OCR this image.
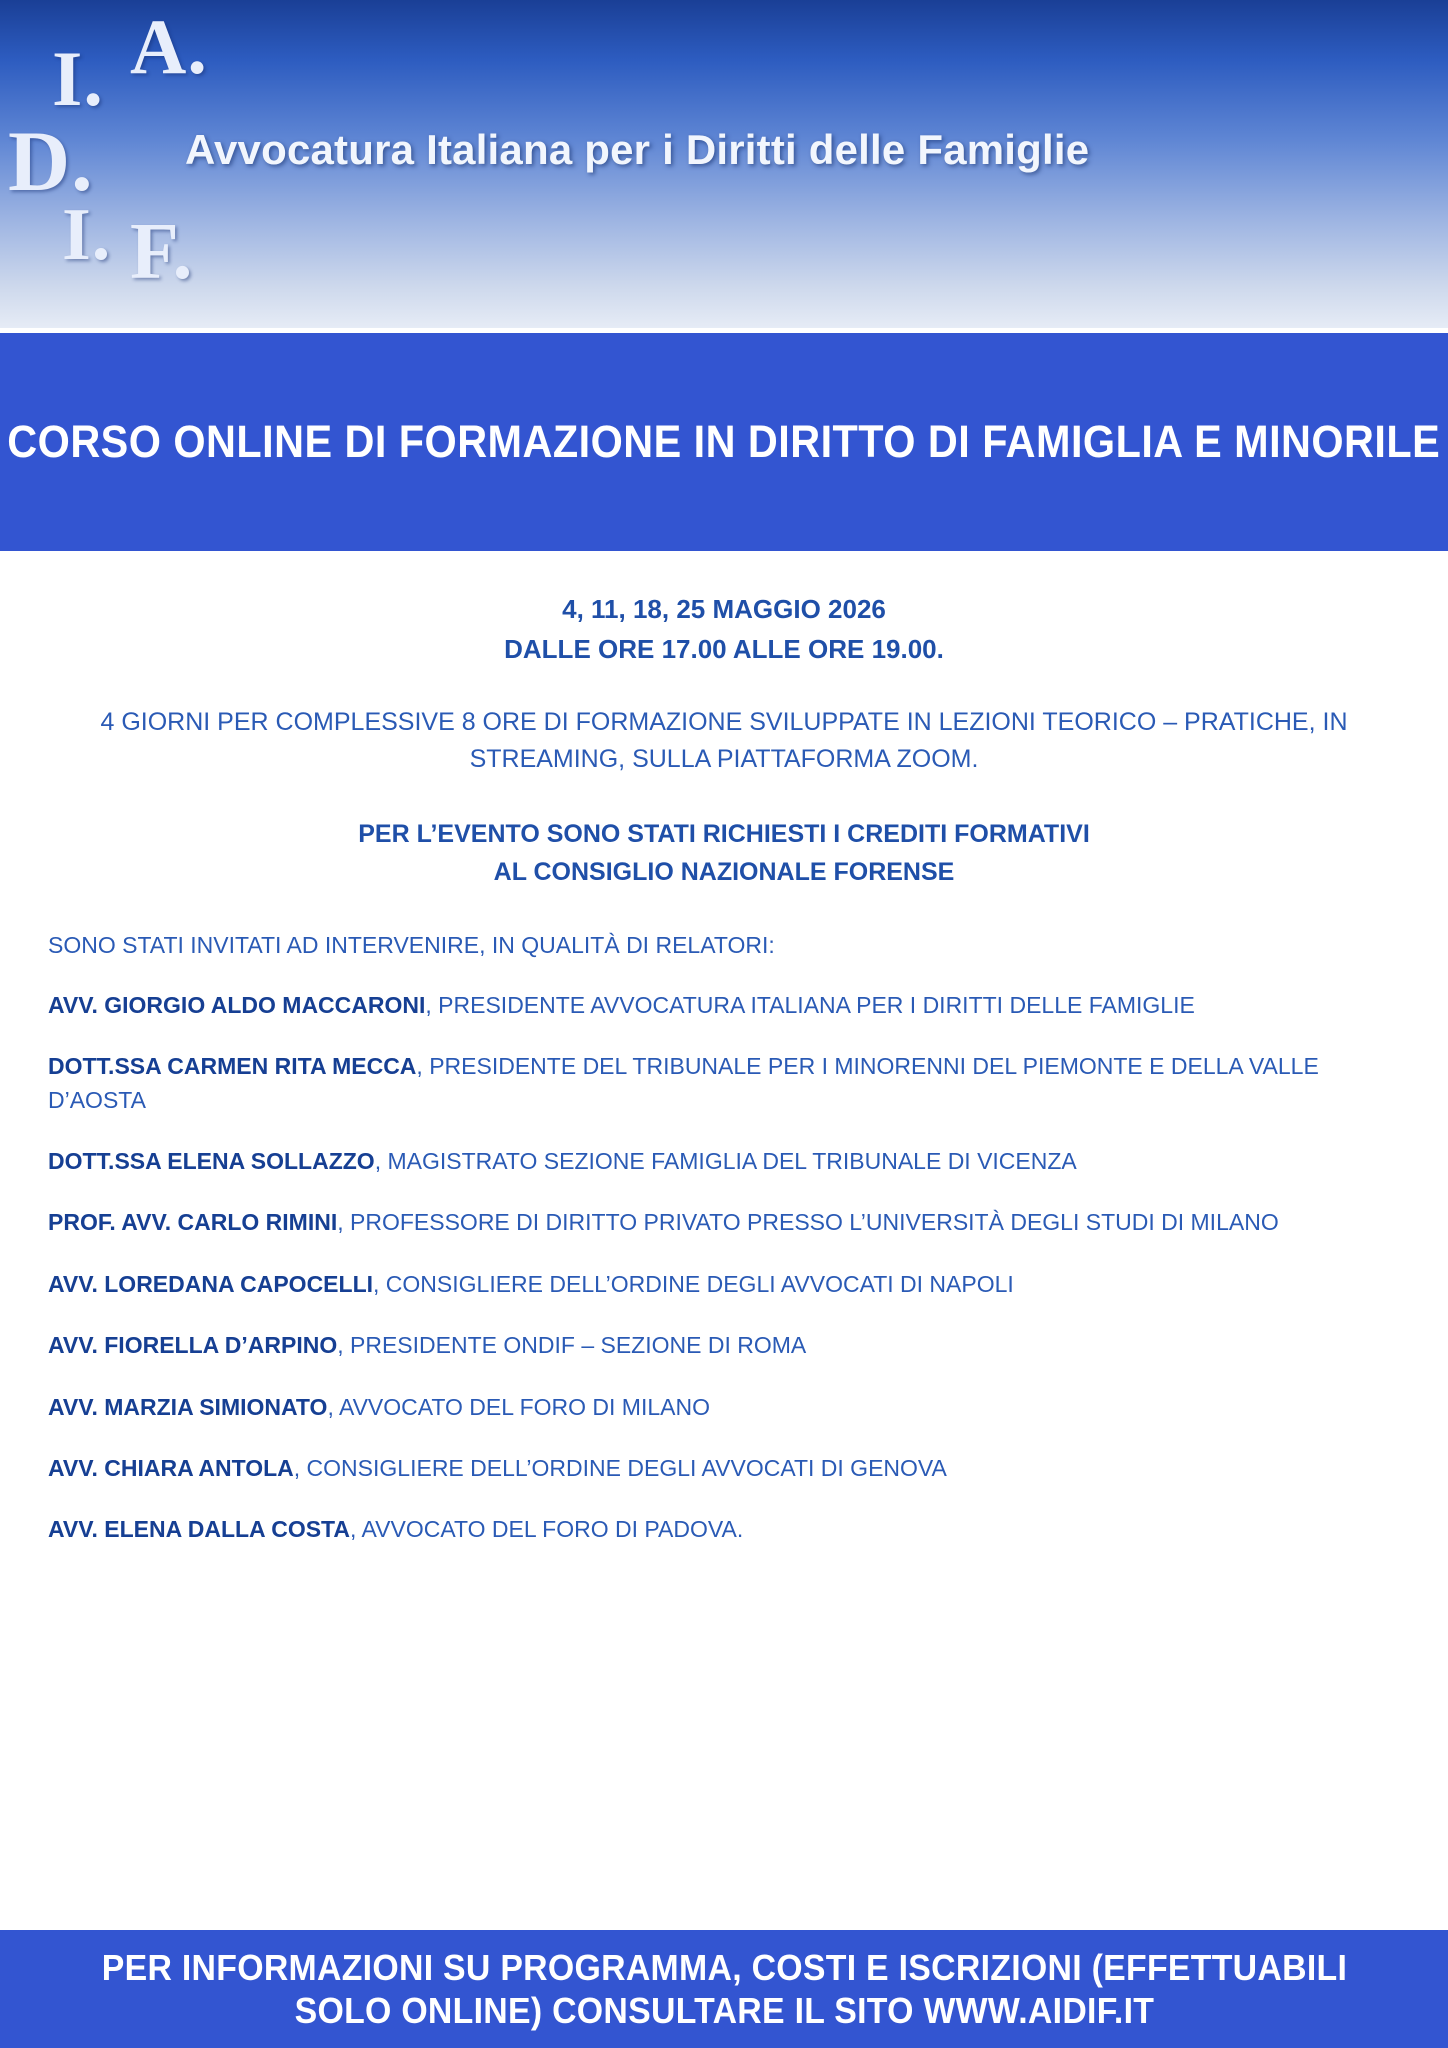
A.
I.
D.
I. F.
Avvocatura Italiana per i Diritti delle Famiglie
CORSO ONLINE DI FORMAZIONE IN DIRITTO DI FAMIGLIA E MINORILE
4, 11, 18, 25 MAGGIO 2026
DALLE ORE 17.00 ALLE ORE 19.00.
4 GIORNI PER COMPLESSIVE 8 ORE DI FORMAZIONE SVILUPPATE IN LEZIONI TEORICO – PRATICHE, IN STREAMING, SULLA PIATTAFORMA ZOOM.
PER L’EVENTO SONO STATI RICHIESTI I CREDITI FORMATIVI
AL CONSIGLIO NAZIONALE FORENSE
SONO STATI INVITATI AD INTERVENIRE, IN QUALITÀ DI RELATORI:
AVV. GIORGIO ALDO MACCARONI, PRESIDENTE AVVOCATURA ITALIANA PER I DIRITTI DELLE FAMIGLIE
DOTT.SSA CARMEN RITA MECCA, PRESIDENTE DEL TRIBUNALE PER I MINORENNI DEL PIEMONTE E DELLA VALLE D’AOSTA
DOTT.SSA ELENA SOLLAZZO, MAGISTRATO SEZIONE FAMIGLIA DEL TRIBUNALE DI VICENZA
PROF. AVV. CARLO RIMINI, PROFESSORE DI DIRITTO PRIVATO PRESSO L’UNIVERSITÀ DEGLI STUDI DI MILANO
AVV. LOREDANA CAPOCELLI, CONSIGLIERE DELL’ORDINE DEGLI AVVOCATI DI NAPOLI
AVV. FIORELLA D’ARPINO, PRESIDENTE ONDIF – SEZIONE DI ROMA
AVV. MARZIA SIMIONATO, AVVOCATO DEL FORO DI MILANO
AVV. CHIARA ANTOLA, CONSIGLIERE DELL’ORDINE DEGLI AVVOCATI DI GENOVA
AVV. ELENA DALLA COSTA, AVVOCATO DEL FORO DI PADOVA.

PER INFORMAZIONI SU PROGRAMMA, COSTI E ISCRIZIONI (EFFETTUABILI
SOLO ONLINE) CONSULTARE IL SITO WWW.AIDIF.IT
